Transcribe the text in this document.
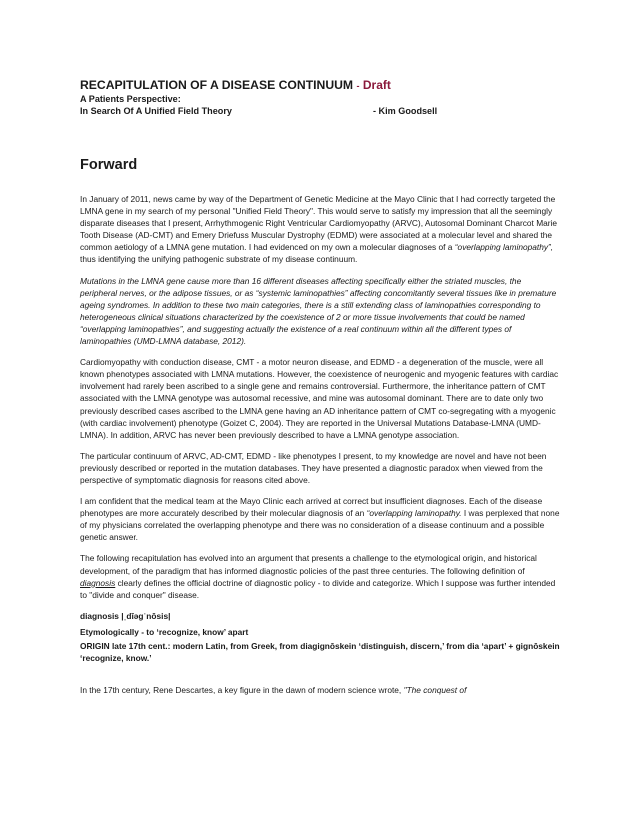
RECAPITULATION OF A DISEASE CONTINUUM - Draft
A Patients Perspective:
In Search Of A Unified Field Theory	- Kim Goodsell
Forward

In January of 2011, news came by way of the Department of Genetic Medicine at the Mayo Clinic that I had correctly targeted the LMNA gene in my search of my personal "Unified Field Theory". This would serve to satisfy my impression that all the seemingly disparate diseases that I present, Arrhythmogenic Right Ventricular Cardiomyopathy (ARVC), Autosomal Dominant Charcot Marie Tooth Disease (AD-CMT) and Emery Driefuss Muscular Dystrophy (EDMD) were associated at a molecular level and shared the common aetiology of a LMNA gene mutation. I had evidenced on my own a molecular diagnoses of a “overlapping laminopathy”, thus identifying the unifying pathogenic substrate of my disease continuum.

Mutations in the LMNA gene cause more than 16 different diseases affecting specifically either the striated muscles, the peripheral nerves, or the adipose tissues, or as “systemic laminopathies” affecting concomitantly several tissues like in premature ageing syndromes. In addition to these two main categories, there is a still extending class of laminopathies corresponding to heterogeneous clinical situations characterized by the coexistence of 2 or more tissue involvements that could be named “overlapping laminopathies”, and suggesting actually the existence of a real continuum within all the different types of laminopathies (UMD-LMNA database, 2012).

Cardiomyopathy with conduction disease, CMT - a motor neuron disease, and EDMD - a degeneration of the muscle, were all known phenotypes associated with LMNA mutations. However, the coexistence of neurogenic and myogenic features with cardiac involvement had rarely been ascribed to a single gene and remains controversial. Furthermore, the inheritance pattern of CMT associated with the LMNA genotype was autosomal recessive, and mine was autosomal dominant. There are to date only two previously described cases ascribed to the LMNA gene having an AD inheritance pattern of CMT co-segregating with a myogenic (with cardiac involvement) phenotype (Goizet C, 2004). They are reported in the Universal Mutations Database-LMNA (UMD-LMNA). In addition, ARVC has never been previously described to have a LMNA genotype association.

The particular continuum of ARVC, AD-CMT, EDMD - like phenotypes I present, to my knowledge are novel and have not been previously described or reported in the mutation databases. They have presented a diagnostic paradox when viewed from the perspective of symptomatic diagnosis for reasons cited above.

I am confident that the medical team at the Mayo Clinic each arrived at correct but insufficient diagnoses. Each of the disease phenotypes are more accurately described by their molecular diagnosis of an “overlapping laminopathy. I was perplexed that none of my physicians correlated the overlapping phenotype and there was no consideration of a disease continuum and a possible genetic answer.

The following recapitulation has evolved into an argument that presents a challenge to the etymological origin, and historical development, of the paradigm that has informed diagnostic policies of the past three centuries. The following definition of diagnosis clearly defines the official doctrine of diagnostic policy - to divide and categorize. Which I suppose was further intended to "divide and conquer" disease.

diagnosis |ˌdīəgˈnōsis|

Etymologically - to ‘recognize, know’ apart

ORIGIN late 17th cent.: modern Latin, from Greek, from diagignōskein ‘distinguish, discern,’ from dia ‘apart’ + gignōskein ‘recognize, know.’

In the 17th century, Rene Descartes, a key figure in the dawn of modern science wrote, "The conquest of
